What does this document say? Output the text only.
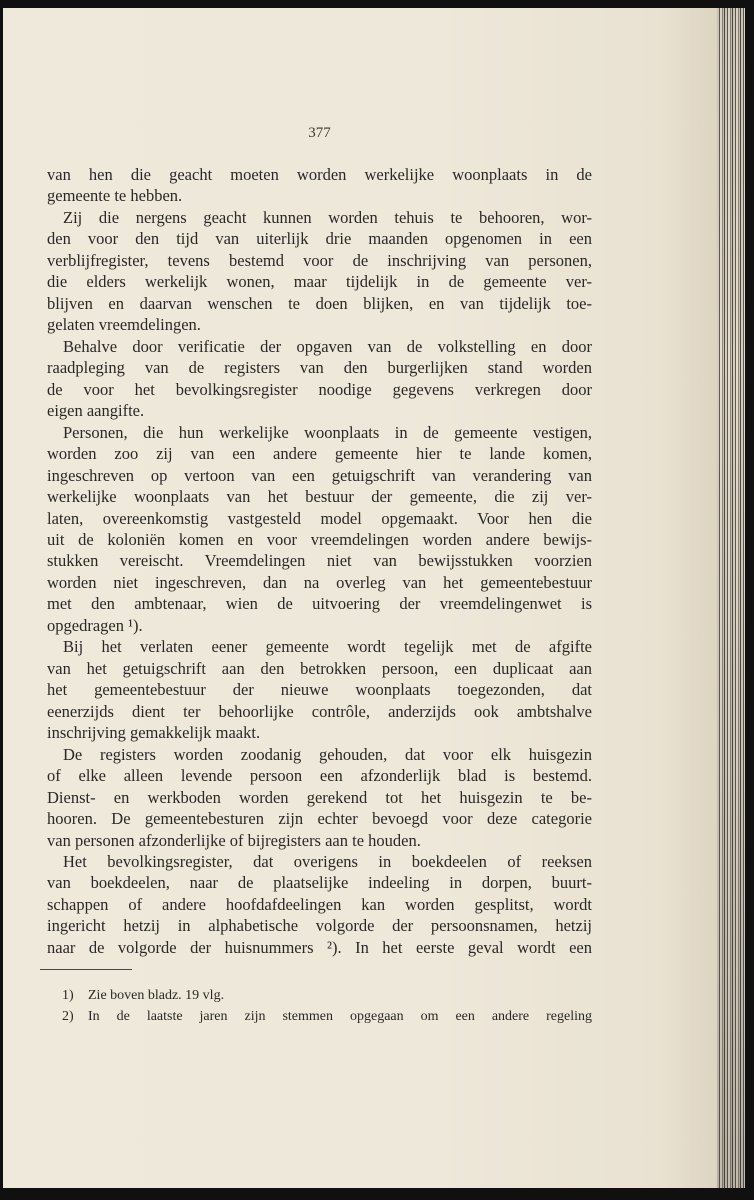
377
van hen die geacht moeten worden werkelijke woonplaats in de
gemeente te hebben.
Zij die nergens geacht kunnen worden tehuis te behooren, wor-
den voor den tijd van uiterlijk drie maanden opgenomen in een
verblijfregister, tevens bestemd voor de inschrijving van personen,
die elders werkelijk wonen, maar tijdelijk in de gemeente ver-
blijven en daarvan wenschen te doen blijken, en van tijdelijk toe-
gelaten vreemdelingen.
Behalve door verificatie der opgaven van de volkstelling en door
raadpleging van de registers van den burgerlijken stand worden
de voor het bevolkingsregister noodige gegevens verkregen door
eigen aangifte.
Personen, die hun werkelijke woonplaats in de gemeente vestigen,
worden zoo zij van een andere gemeente hier te lande komen,
ingeschreven op vertoon van een getuigschrift van verandering van
werkelijke woonplaats van het bestuur der gemeente, die zij ver-
laten, overeenkomstig vastgesteld model opgemaakt. Voor hen die
uit de koloniën komen en voor vreemdelingen worden andere bewijs-
stukken vereischt. Vreemdelingen niet van bewijsstukken voorzien
worden niet ingeschreven, dan na overleg van het gemeentebestuur
met den ambtenaar, wien de uitvoering der vreemdelingenwet is
opgedragen ¹).
Bij het verlaten eener gemeente wordt tegelijk met de afgifte
van het getuigschrift aan den betrokken persoon, een duplicaat aan
het gemeentebestuur der nieuwe woonplaats toegezonden, dat
eenerzijds dient ter behoorlijke contrôle, anderzijds ook ambtshalve
inschrijving gemakkelijk maakt.
De registers worden zoodanig gehouden, dat voor elk huisgezin
of elke alleen levende persoon een afzonderlijk blad is bestemd.
Dienst- en werkboden worden gerekend tot het huisgezin te be-
hooren. De gemeentebesturen zijn echter bevoegd voor deze categorie
van personen afzonderlijke of bijregisters aan te houden.
Het bevolkingsregister, dat overigens in boekdeelen of reeksen
van boekdeelen, naar de plaatselijke indeeling in dorpen, buurt-
schappen of andere hoofdafdeelingen kan worden gesplitst, wordt
ingericht hetzij in alphabetische volgorde der persoonsnamen, hetzij
naar de volgorde der huisnummers ²). In het eerste geval wordt een
1)	Zie boven bladz. 19 vlg.
2)	In de laatste jaren zijn stemmen opgegaan om een andere regeling
